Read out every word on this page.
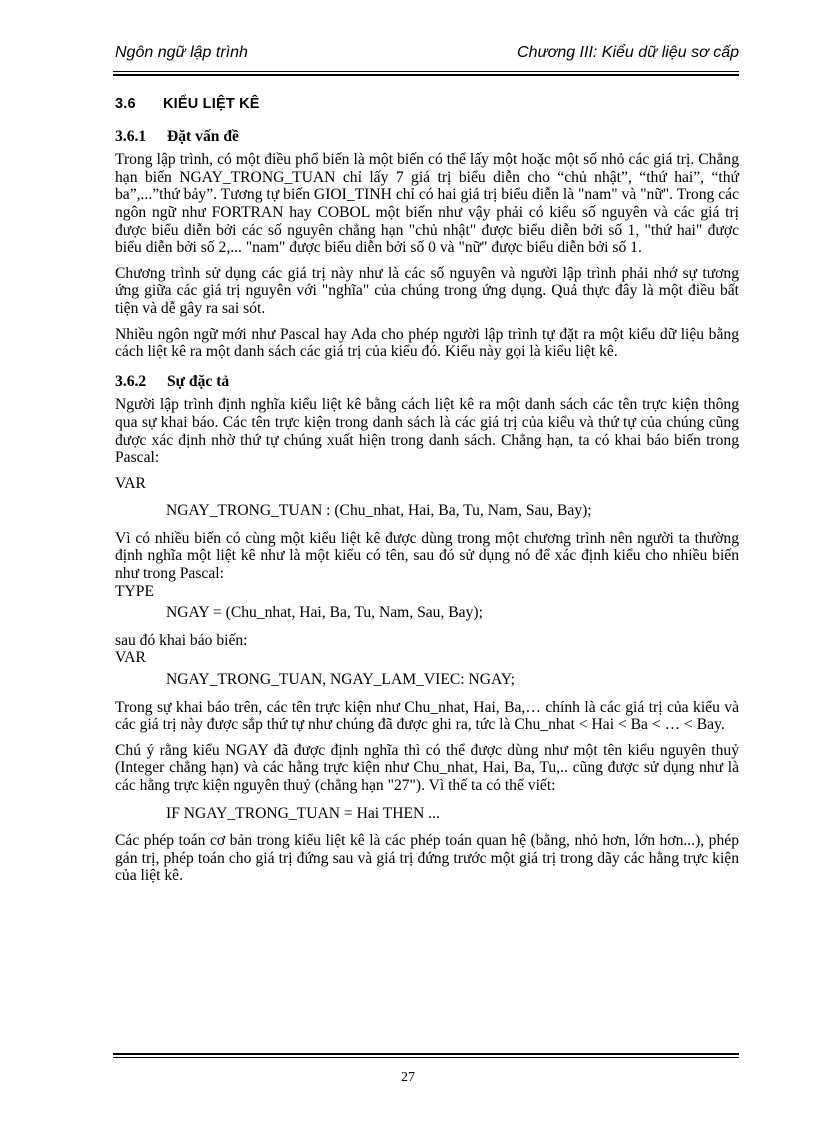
Ngôn ngữ lập trình	Chương III: Kiểu dữ liệu sơ cấp
3.6 KIỂU LIỆT KÊ
3.6.1 Đặt vấn đề

Trong lập trình, có một điều phổ biến là một biến có thể lấy một hoặc một số nhỏ các giá trị. Chẳng hạn biến NGAY_TRONG_TUAN chỉ lấy 7 giá trị biểu diễn cho “chủ nhật”, “thứ hai”, “thứ ba”,...”thứ bảy”. Tương tự biến GIOI_TINH chỉ có hai giá trị biểu diễn là "nam" và "nữ". Trong các ngôn ngữ như FORTRAN hay COBOL một biến như vậy phải có kiểu số nguyên và các giá trị được biểu diễn bởi các số nguyên chẳng hạn "chủ nhật" được biểu diễn bởi số 1, "thứ hai" được biểu diễn bởi số 2,... "nam" được biểu diễn bởi số 0 và "nữ" được biểu diễn bởi số 1.

Chương trình sử dụng các giá trị này như là các số nguyên và người lập trình phải nhớ sự tương ứng giữa các giá trị nguyên với "nghĩa" của chúng trong ứng dụng. Quả thực đây là một điều bất tiện và dễ gây ra sai sót.

Nhiều ngôn ngữ mới như Pascal hay Ada cho phép người lập trình tự đặt ra một kiểu dữ liệu bằng cách liệt kê ra một danh sách các giá trị của kiểu đó. Kiểu này gọi là kiểu liệt kê.

3.6.2 Sự đặc tả

Người lập trình định nghĩa kiểu liệt kê bằng cách liệt kê ra một danh sách các tên trực kiện thông qua sự khai báo. Các tên trực kiện trong danh sách là các giá trị của kiểu và thứ tự của chúng cũng được xác định nhờ thứ tự chúng xuất hiện trong danh sách. Chẳng hạn, ta có khai báo biến trong Pascal:

VAR

NGAY_TRONG_TUAN : (Chu_nhat, Hai, Ba, Tu, Nam, Sau, Bay);

Vì có nhiều biến có cùng một kiểu liệt kê được dùng trong một chương trình nên người ta thường định nghĩa một liệt kê như là một kiểu có tên, sau đó sử dụng nó để xác định kiểu cho nhiều biến như trong Pascal:

TYPE

NGAY = (Chu_nhat, Hai, Ba, Tu, Nam, Sau, Bay);

sau đó khai báo biến:

VAR

NGAY_TRONG_TUAN, NGAY_LAM_VIEC: NGAY;

Trong sự khai báo trên, các tên trực kiện như Chu_nhat, Hai, Ba,… chính là các giá trị của kiểu và các giá trị này được sắp thứ tự như chúng đã được ghi ra, tức là Chu_nhat < Hai < Ba < … < Bay.

Chú ý rằng kiểu NGAY đã được định nghĩa thì có thể được dùng như một tên kiểu nguyên thuỷ (Integer chẳng hạn) và các hằng trực kiện như Chu_nhat, Hai, Ba, Tu,.. cũng được sử dụng như là các hằng trực kiện nguyên thuỷ (chẳng hạn "27"). Vì thế ta có thể viết:

IF NGAY_TRONG_TUAN = Hai THEN ...

Các phép toán cơ bản trong kiểu liệt kê là các phép toán quan hệ (bằng, nhỏ hơn, lớn hơn...), phép gán trị, phép toán cho giá trị đứng sau và giá trị đứng trước một giá trị trong dãy các hằng trực kiện của liệt kê.

27
